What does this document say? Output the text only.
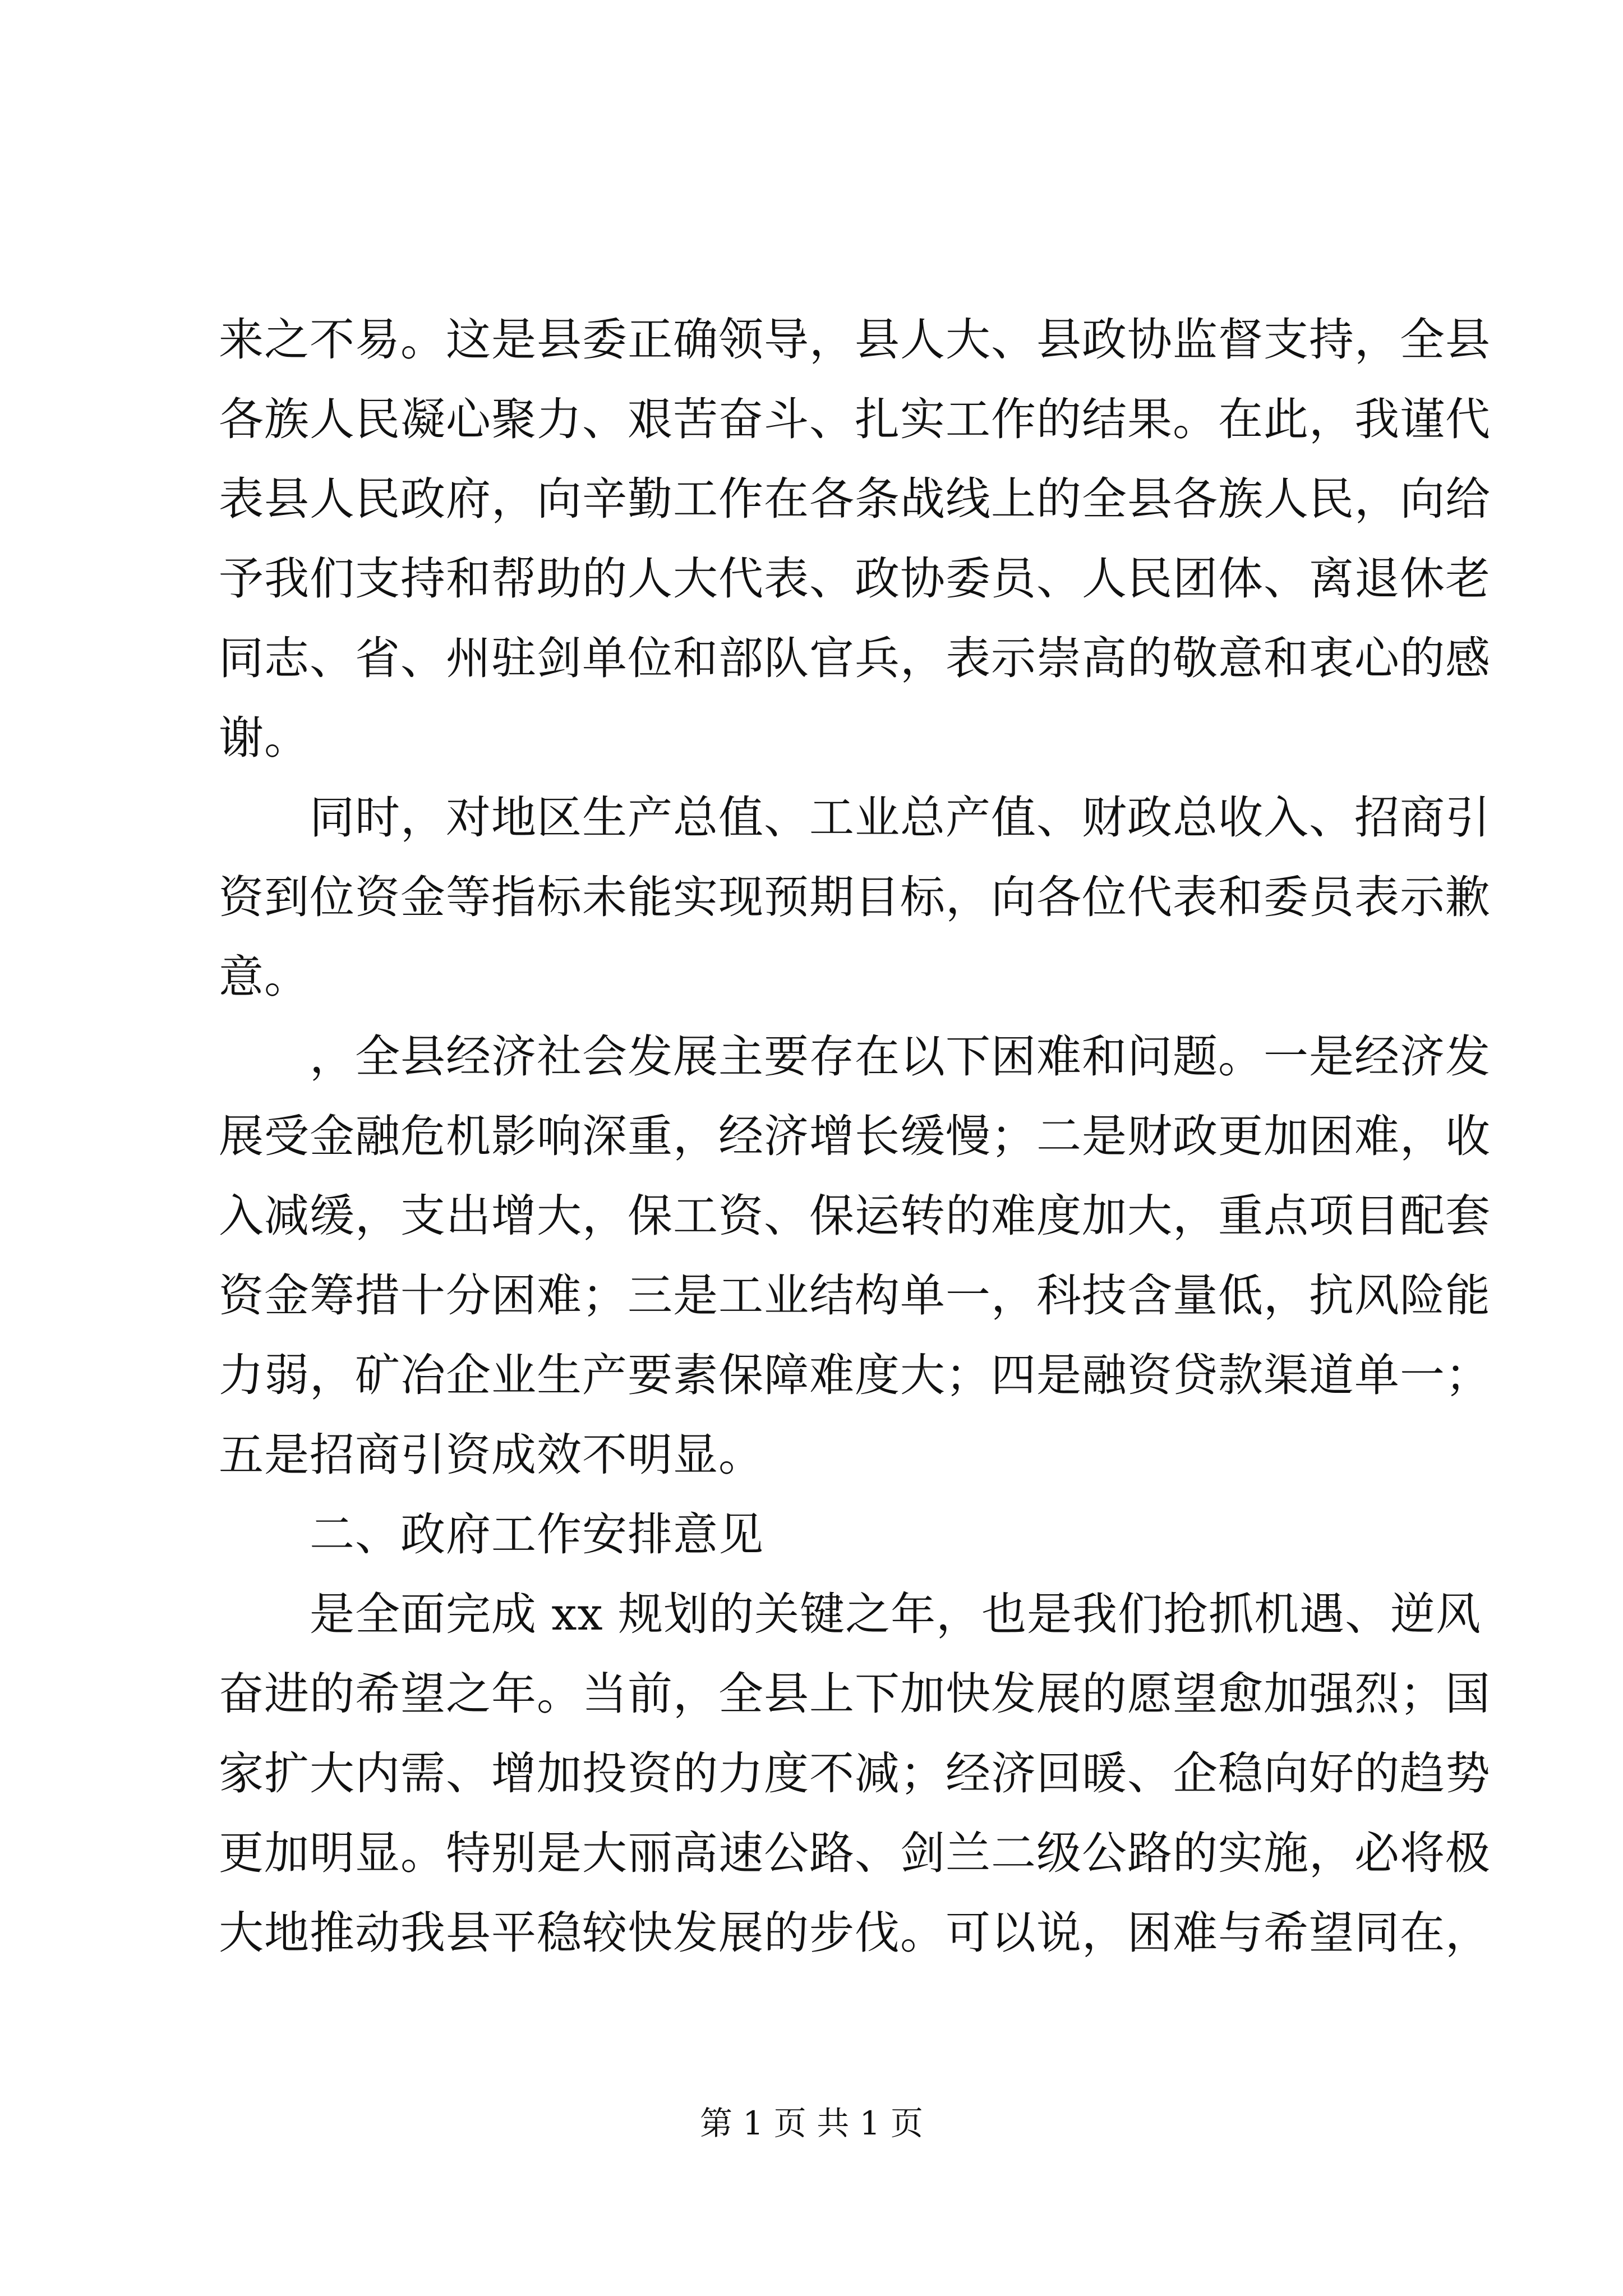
来之不易。这是县委正确领导，县人大、县政协监督支持，全县
各族人民凝心聚力、艰苦奋斗、扎实工作的结果。在此，我谨代
表县人民政府，向辛勤工作在各条战线上的全县各族人民，向给
予我们支持和帮助的人大代表、政协委员、人民团体、离退休老
同志、省、州驻剑单位和部队官兵，表示崇高的敬意和衷心的感
谢。
同时，对地区生产总值、工业总产值、财政总收入、招商引
资到位资金等指标未能实现预期目标，向各位代表和委员表示歉
意。
，全县经济社会发展主要存在以下困难和问题。一是经济发
展受金融危机影响深重，经济增长缓慢；二是财政更加困难，收
入减缓，支出增大，保工资、保运转的难度加大，重点项目配套
资金筹措十分困难；三是工业结构单一，科技含量低，抗风险能
力弱，矿冶企业生产要素保障难度大；四是融资贷款渠道单一；
五是招商引资成效不明显。
二、政府工作安排意见
是全面完成 xx 规划的关键之年，也是我们抢抓机遇、逆风
奋进的希望之年。当前，全县上下加快发展的愿望愈加强烈；国
家扩大内需、增加投资的力度不减；经济回暖、企稳向好的趋势
更加明显。特别是大丽高速公路、剑兰二级公路的实施，必将极
大地推动我县平稳较快发展的步伐。可以说，困难与希望同在，
第 1 页 共 1 页
